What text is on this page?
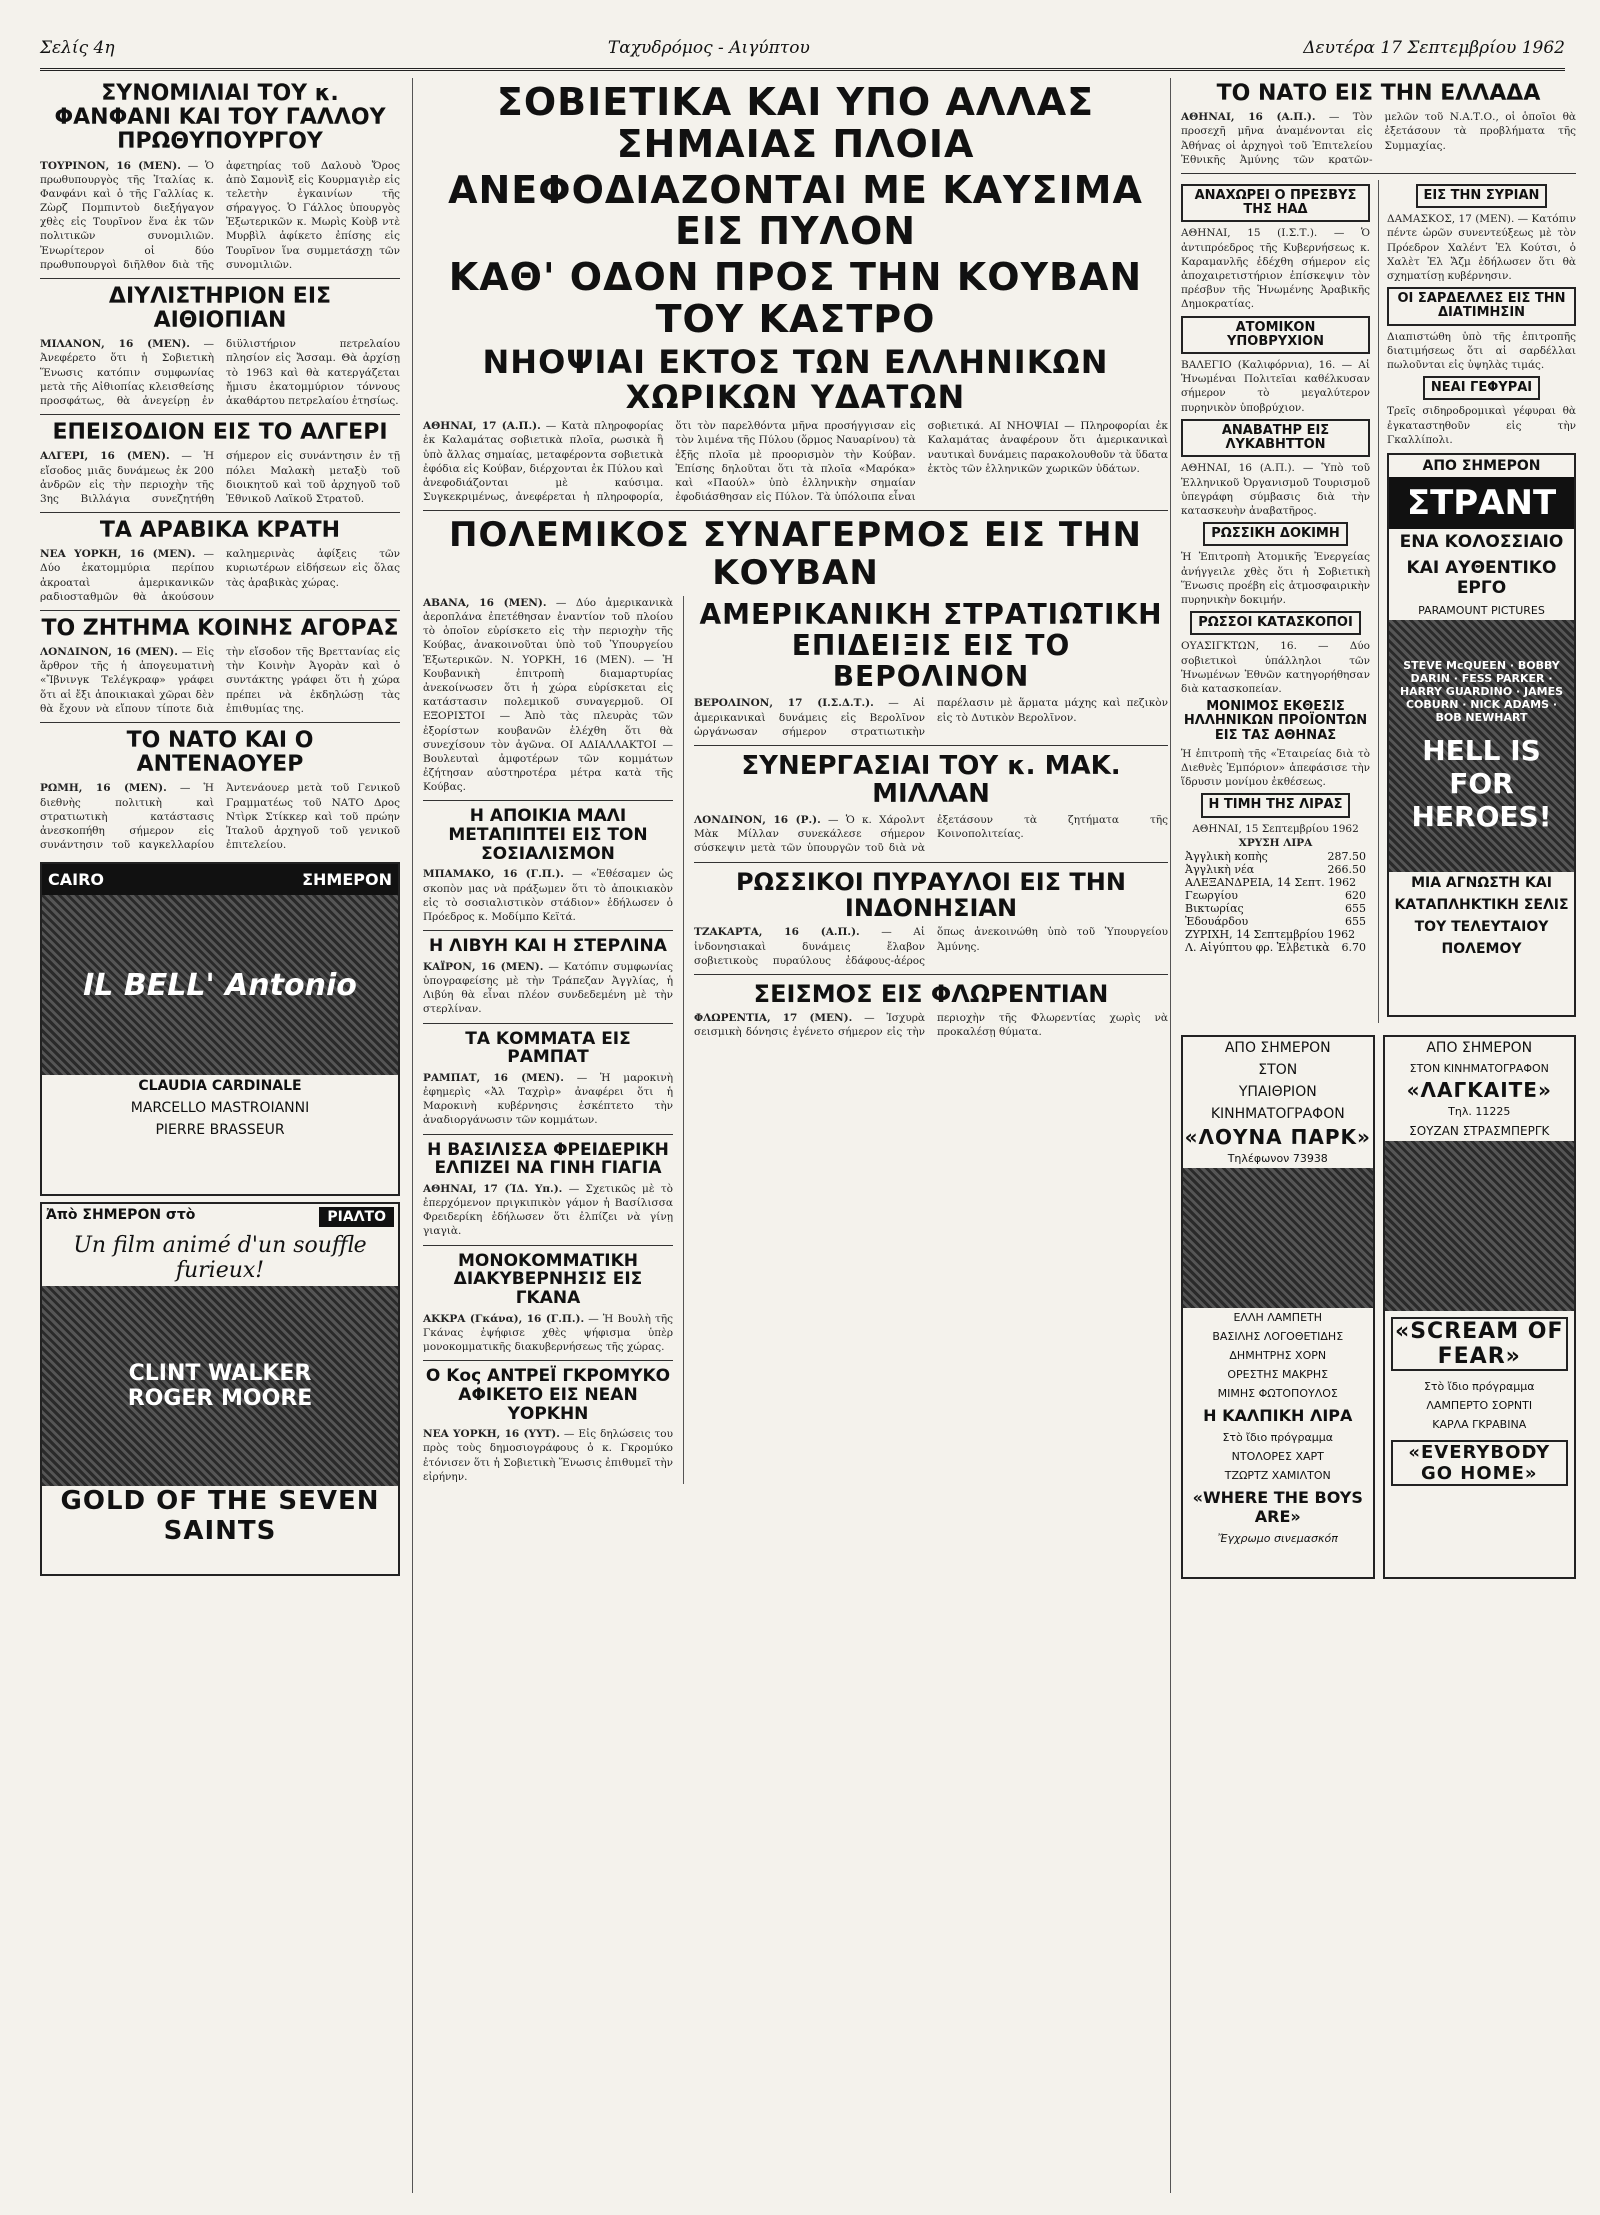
Σελίς 4η	Ταχυδρόμος - Αιγύπτου	Δευτέρα 17 Σεπτεμβρίου 1962
ΣΥΝΟΜΙΛΙΑΙ ΤΟΥ κ. ΦΑΝΦΑΝΙ ΚΑΙ ΤΟΥ ΓΑΛΛΟΥ ΠΡΩΘΥΠΟΥΡΓΟΥ
ΤΟΥΡΙΝΟΝ, 16 (ΜΕΝ). — Ὁ πρωθυπουργὸς τῆς Ἰταλίας κ. Φανφάνι καὶ ὁ τῆς Γαλλίας κ. Ζὼρζ Πομπιντοὺ διεξήγαγον χθὲς εἰς Τουρῖνον ἕνα ἐκ τῶν πολιτικῶν συνομιλιῶν. Ἐνωρίτερον οἱ δύο πρωθυπουργοὶ διῆλθον διὰ τῆς ἀφετηρίας τοῦ Δαλουὸ Ὄρος ἀπὸ Σαμονὶξ εἰς Κουρμαγιὲρ εἰς τελετὴν ἐγκαινίων τῆς σήραγγος. Ὁ Γάλλος ὑπουργὸς Ἐξωτερικῶν κ. Μωρὶς Κοὺβ ντὲ Μυρβὶλ ἀφίκετο ἐπίσης εἰς Τουρῖνον ἵνα συμμετάσχῃ τῶν συνομιλιῶν.
ΔΙΥΛΙΣΤΗΡΙΟΝ ΕΙΣ ΑΙΘΙΟΠΙΑΝ
ΜΙΛΑΝΟΝ, 16 (ΜΕΝ). — Ἀνεφέρετο ὅτι ἡ Σοβιετικὴ Ἕνωσις κατόπιν συμφωνίας μετὰ τῆς Αἰθιοπίας κλεισθείσης προσφάτως, θὰ ἀνεγείρῃ ἐν διϋλιστήριον πετρελαίου πλησίον εἰς Ἄσσαμ. Θὰ ἀρχίσῃ τὸ 1963 καὶ θὰ κατεργάζεται ἤμισυ ἑκατομμύριον τόννους ἀκαθάρτου πετρελαίου ἐτησίως.
ΕΠΕΙΣΟΔΙΟΝ ΕΙΣ ΤΟ ΑΛΓΕΡΙ
ΑΛΓΕΡΙ, 16 (ΜΕΝ). — Ἡ εἴσοδος μιᾶς δυνάμεως ἐκ 200 ἀνδρῶν εἰς τὴν περιοχὴν τῆς 3ης Βιλλάγια συνεζητήθη σήμερον εἰς συνάντησιν ἐν τῇ πόλει Μαλακὴ μεταξὺ τοῦ διοικητοῦ καὶ τοῦ ἀρχηγοῦ τοῦ Ἐθνικοῦ Λαϊκοῦ Στρατοῦ.
ΤΑ ΑΡΑΒΙΚΑ ΚΡΑΤΗ
ΝΕΑ ΥΟΡΚΗ, 16 (ΜΕΝ). — Δύο ἑκατομμύρια περίπου ἀκροαταὶ ἀμερικανικῶν ραδιοσταθμῶν θὰ ἀκούσουν καλημερινὰς ἀφίξεις τῶν κυριωτέρων εἰδήσεων εἰς ὅλας τὰς ἀραβικὰς χώρας.
ΤΟ ΖΗΤΗΜΑ ΚΟΙΝΗΣ ΑΓΟΡΑΣ
ΛΟΝΔΙΝΟΝ, 16 (ΜΕΝ). — Εἰς ἄρθρον τῆς ἡ ἀπογευματινὴ «Ἴβνινγκ Τελέγκραφ» γράφει ὅτι αἱ ἔξι ἀποικιακαὶ χῶραι δὲν θὰ ἔχουν νὰ εἴπουν τίποτε διὰ τὴν εἴσοδον τῆς Βρεττανίας εἰς τὴν Κοινὴν Ἀγορὰν καὶ ὁ συντάκτης γράφει ὅτι ἡ χώρα πρέπει νὰ ἐκδηλώσῃ τὰς ἐπιθυμίας της.
ΤΟ ΝΑΤΟ ΚΑΙ Ο ΑΝΤΕΝΑΟΥΕΡ
ΡΩΜΗ, 16 (ΜΕΝ). — Ἡ διεθνὴς πολιτικὴ καὶ στρατιωτικὴ κατάστασις ἀνεσκοπήθη σήμερον εἰς συνάντησιν τοῦ καγκελλαρίου Ἀντενάουερ μετὰ τοῦ Γενικοῦ Γραμματέως τοῦ ΝΑΤΟ Δρος Ντὶρκ Στίκκερ καὶ τοῦ πρώην Ἰταλοῦ ἀρχηγοῦ τοῦ γενικοῦ ἐπιτελείου.
CAIRO	ΣΗΜΕΡΟΝ
IL BELL' Antonio
CLAUDIA CARDINALE
MARCELLO MASTROIANNI
PIERRE BRASSEUR
Ἀπὸ ΣΗΜΕΡΟΝ στὸ	ΡΙΑΛΤΟ
Un film animé d'un souffle furieux!
CLINT WALKER
ROGER MOORE
GOLD OF THE SEVEN SAINTS
ΣΟΒΙΕΤΙΚΑ ΚΑΙ ΥΠΟ ΑΛΛΑΣ ΣΗΜΑΙΑΣ ΠΛΟΙΑ
ΑΝΕΦΟΔΙΑΖΟΝΤΑΙ ΜΕ ΚΑΥΣΙΜΑ ΕΙΣ ΠΥΛΟΝ
ΚΑΘ' ΟΔΟΝ ΠΡΟΣ ΤΗΝ ΚΟΥΒΑΝ ΤΟΥ ΚΑΣΤΡΟ
ΝΗΟΨΙΑΙ ΕΚΤΟΣ ΤΩΝ ΕΛΛΗΝΙΚΩΝ ΧΩΡΙΚΩΝ ΥΔΑΤΩΝ
ΑΘΗΝΑΙ, 17 (Α.Π.). — Κατὰ πληροφορίας ἐκ Καλαμάτας σοβιετικὰ πλοῖα, ρωσικὰ ἢ ὑπὸ ἄλλας σημαίας, μεταφέροντα σοβιετικὰ ἐφόδια εἰς Κούβαν, διέρχονται ἐκ Πύλου καὶ ἀνεφοδιάζονται μὲ καύσιμα. Συγκεκριμένως, ἀνεφέρεται ἡ πληροφορία, ὅτι τὸν παρελθόντα μῆνα προσήγγισαν εἰς τὸν λιμένα τῆς Πύλου (ὅρμος Ναυαρίνου) τὰ ἑξῆς πλοῖα μὲ προορισμὸν τὴν Κούβαν. Ἐπίσης δηλοῦται ὅτι τὰ πλοῖα «Μαρόκα» καὶ «Παούλ» ὑπὸ ἑλληνικὴν σημαίαν ἐφοδιάσθησαν εἰς Πύλον. Τὰ ὑπόλοιπα εἶναι σοβιετικά. ΑΙ ΝΗΟΨΙΑΙ — Πληροφορίαι ἐκ Καλαμάτας ἀναφέρουν ὅτι ἀμερικανικαὶ ναυτικαὶ δυνάμεις παρακολουθοῦν τὰ ὕδατα ἐκτὸς τῶν ἑλληνικῶν χωρικῶν ὑδάτων.
ΠΟΛΕΜΙΚΟΣ ΣΥΝΑΓΕΡΜΟΣ ΕΙΣ ΤΗΝ ΚΟΥΒΑΝ
ΑΒΑΝΑ, 16 (ΜΕΝ). — Δύο ἀμερικανικὰ ἀεροπλάνα ἐπετέθησαν ἐναντίον τοῦ πλοίου τὸ ὁποῖον εὑρίσκετο εἰς τὴν περιοχὴν τῆς Κούβας, ἀνακοινοῦται ὑπὸ τοῦ Ὑπουργείου Ἐξωτερικῶν. Ν. ΥΟΡΚΗ, 16 (ΜΕΝ). — Ἡ Κουβανικὴ ἐπιτροπὴ διαμαρτυρίας ἀνεκοίνωσεν ὅτι ἡ χώρα εὑρίσκεται εἰς κατάστασιν πολεμικοῦ συναγερμοῦ. ΟΙ ΕΞΟΡΙΣΤΟΙ — Ἀπὸ τὰς πλευρὰς τῶν ἐξορίστων κουβανῶν ἐλέχθη ὅτι θὰ συνεχίσουν τὸν ἀγῶνα. ΟΙ ΑΔΙΑΛΛΑΚΤΟΙ — Βουλευταὶ ἀμφοτέρων τῶν κομμάτων ἐζήτησαν αὐστηροτέρα μέτρα κατὰ τῆς Κούβας.
Η ΑΠΟΙΚΙΑ ΜΑΛΙ ΜΕΤΑΠΙΠΤΕΙ ΕΙΣ ΤΟΝ ΣΟΣΙΑΛΙΣΜΟΝ
ΜΠΑΜΑΚΟ, 16 (Γ.Π.). — «Ἐθέσαμεν ὡς σκοπὸν μας νὰ πράξωμεν ὅτι τὸ ἀποικιακὸν εἰς τὸ σοσιαλιστικὸν στάδιον» ἐδήλωσεν ὁ Πρόεδρος κ. Μοδίμπο Κεϊτά.
Η ΛΙΒΥΗ ΚΑΙ Η ΣΤΕΡΛΙΝΑ
ΚΑΪΡΟΝ, 16 (ΜΕΝ). — Κατόπιν συμφωνίας ὑπογραφείσης μὲ τὴν Τράπεζαν Ἀγγλίας, ἡ Λιβύη θὰ εἶναι πλέον συνδεδεμένη μὲ τὴν στερλίναν.
ΤΑ ΚΟΜΜΑΤΑ ΕΙΣ ΡΑΜΠΑΤ
ΡΑΜΠΑΤ, 16 (ΜΕΝ). — Ἡ μαροκινὴ ἐφημερὶς «Ἀλ Ταχρὶρ» ἀναφέρει ὅτι ἡ Μαροκινὴ κυβέρνησις ἐσκέπτετο τὴν ἀναδιοργάνωσιν τῶν κομμάτων.
Η ΒΑΣΙΛΙΣΣΑ ΦΡΕΙΔΕΡΙΚΗ ΕΛΠΙΖΕΙ ΝΑ ΓΙΝΗ ΓΙΑΓΙΑ
ΑΘΗΝΑΙ, 17 (ΊΔ. Υπ.). — Σχετικῶς μὲ τὸ ἐπερχόμενον πριγκιπικὸν γάμον ἡ Βασίλισσα Φρειδερίκη ἐδήλωσεν ὅτι ἐλπίζει νὰ γίνῃ γιαγιὰ.
ΜΟΝΟΚΟΜΜΑΤΙΚΗ ΔΙΑΚΥΒΕΡΝΗΣΙΣ ΕΙΣ ΓΚΑΝΑ
ΑΚΚΡΑ (Γκάνα), 16 (Γ.Π.). — Ἡ Βουλὴ τῆς Γκάνας ἐψήφισε χθὲς ψήφισμα ὑπὲρ μονοκομματικῆς διακυβερνήσεως τῆς χώρας.
Ο Κος ΑΝΤΡΕΪ ΓΚΡΟΜΥΚΟ ΑΦΙΚΕΤΟ ΕΙΣ ΝΕΑΝ ΥΟΡΚΗΝ
ΝΕΑ ΥΟΡΚΗ, 16 (ΥΥΤ). — Εἰς δηλώσεις του πρὸς τοὺς δημοσιογράφους ὁ κ. Γκρομύκο ἐτόνισεν ὅτι ἡ Σοβιετικὴ Ἕνωσις ἐπιθυμεῖ τὴν εἰρήνην.
ΑΜΕΡΙΚΑΝΙΚΗ ΣΤΡΑΤΙΩΤΙΚΗ ΕΠΙΔΕΙΞΙΣ ΕΙΣ ΤΟ ΒΕΡΟΛΙΝΟΝ
ΒΕΡΟΛΙΝΟΝ, 17 (Ι.Σ.Δ.Τ.). — Αἱ ἀμερικανικαὶ δυνάμεις εἰς Βερολῖνον ὠργάνωσαν σήμερον στρατιωτικὴν παρέλασιν μὲ ἅρματα μάχης καὶ πεζικὸν εἰς τὸ Δυτικὸν Βερολῖνον.
ΣΥΝΕΡΓΑΣΙΑΙ ΤΟΥ κ. ΜΑΚ. ΜΙΛΛΑΝ
ΛΟΝΔΙΝΟΝ, 16 (Ρ.). — Ὁ κ. Χάρολντ Μὰκ Μίλλαν συνεκάλεσε σήμερον σύσκεψιν μετὰ τῶν ὑπουργῶν τοῦ διὰ νὰ ἐξετάσουν τὰ ζητήματα τῆς Κοινοπολιτείας.
ΡΩΣΣΙΚΟΙ ΠΥΡΑΥΛΟΙ ΕΙΣ ΤΗΝ ΙΝΔΟΝΗΣΙΑΝ
ΤΖΑΚΑΡΤΑ, 16 (Α.Π.). — Αἱ ἰνδονησιακαὶ δυνάμεις ἔλαβον σοβιετικοὺς πυραύλους ἐδάφους-ἀέρος ὅπως ἀνεκοινώθη ὑπὸ τοῦ Ὑπουργείου Ἀμύνης.
ΣΕΙΣΜΟΣ ΕΙΣ ΦΛΩΡΕΝΤΙΑΝ
ΦΛΩΡΕΝΤΙΑ, 17 (ΜΕΝ). — Ἰσχυρὰ σεισμικὴ δόνησις ἐγένετο σήμερον εἰς τὴν περιοχὴν τῆς Φλωρεντίας χωρὶς νὰ προκαλέσῃ θύματα.
ΤΟ ΝΑΤΟ ΕΙΣ ΤΗΝ ΕΛΛΑΔΑ
ΑΘΗΝΑΙ, 16 (Α.Π.). — Τὸν προσεχῆ μῆνα ἀναμένονται εἰς Ἀθήνας οἱ ἀρχηγοὶ τοῦ Ἐπιτελείου Ἐθνικῆς Ἀμύνης τῶν κρατῶν-μελῶν τοῦ Ν.Α.Τ.Ο., οἱ ὁποῖοι θὰ ἐξετάσουν τὰ προβλήματα τῆς Συμμαχίας.
ΑΝΑΧΩΡΕΙ Ο ΠΡΕΣΒΥΣ ΤΗΣ ΗΑΔ
ΑΘΗΝΑΙ, 15 (Ι.Σ.Τ.). — Ὁ ἀντιπρόεδρος τῆς Κυβερνήσεως κ. Καραμανλῆς ἐδέχθη σήμερον εἰς ἀποχαιρετιστήριον ἐπίσκεψιν τὸν πρέσβυν τῆς Ἡνωμένης Ἀραβικῆς Δημοκρατίας.
ΑΤΟΜΙΚΟΝ ΥΠΟΒΡΥΧΙΟΝ
ΒΑΛΕΓΙΟ (Καλιφόρνια), 16. — Αἱ Ἡνωμέναι Πολιτεῖαι καθέλκυσαν σήμερον τὸ μεγαλύτερον πυρηνικὸν ὑποβρύχιον.
ΑΝΑΒΑΤΗΡ ΕΙΣ ΛΥΚΑΒΗΤΤΟΝ
ΑΘΗΝΑΙ, 16 (Α.Π.). — Ὑπὸ τοῦ Ἑλληνικοῦ Ὀργανισμοῦ Τουρισμοῦ ὑπεγράφη σύμβασις διὰ τὴν κατασκευὴν ἀναβατῆρος.
ΡΩΣΣΙΚΗ ΔΟΚΙΜΗ
Ἡ Ἐπιτροπὴ Ἀτομικῆς Ἐνεργείας ἀνήγγειλε χθὲς ὅτι ἡ Σοβιετικὴ Ἕνωσις προέβη εἰς ἀτμοσφαιρικὴν πυρηνικὴν δοκιμήν.
ΡΩΣΣΟΙ ΚΑΤΑΣΚΟΠΟΙ
ΟΥΑΣΙΓΚΤΩΝ, 16. — Δύο σοβιετικοὶ ὑπάλληλοι τῶν Ἡνωμένων Ἐθνῶν κατηγορήθησαν διὰ κατασκοπείαν.
ΜΟΝΙΜΟΣ ΕΚΘΕΣΙΣ ΗΛΛΗΝΙΚΩΝ ΠΡΟΪΟΝΤΩΝ ΕΙΣ ΤΑΣ ΑΘΗΝΑΣ
Ἡ ἐπιτροπὴ τῆς «Ἐταιρείας διὰ τὸ Διεθνὲς Ἐμπόριον» ἀπεφάσισε τὴν ἵδρυσιν μονίμου ἐκθέσεως.
Η ΤΙΜΗ ΤΗΣ ΛΙΡΑΣ
ΑΘΗΝΑΙ, 15 Σεπτεμβρίου 1962
ΧΡΥΣΗ ΛΙΡΑ
Ἀγγλικὴ κοπὴς	287.50
Ἀγγλικὴ νέα	266.50
ΑΛΕΞΑΝΔΡΕΙΑ, 14 Σεπτ. 1962
Γεωργίου	620
Βικτωρίας	655
Ἐδουάρδου	655
ΖΥΡΙΧΗ, 14 Σεπτεμβρίου 1962
Λ. Αἰγύπτου φρ. Ἑλβετικὰ 6.70
ΕΙΣ ΤΗΝ ΣΥΡΙΑΝ
ΔΑΜΑΣΚΟΣ, 17 (ΜΕΝ). — Κατόπιν πέντε ὡρῶν συνεντεύξεως μὲ τὸν Πρόεδρον Χαλέντ Ἐλ Κούτσι, ὁ Χαλὲτ Ἐλ Ἄζμ ἐδήλωσεν ὅτι θὰ σχηματίσῃ κυβέρνησιν.
ΟΙ ΣΑΡΔΕΛΛΕΣ ΕΙΣ ΤΗΝ ΔΙΑΤΙΜΗΣΙΝ
Διαπιστώθη ὑπὸ τῆς ἐπιτροπῆς διατιμήσεως ὅτι αἱ σαρδέλλαι πωλοῦνται εἰς ὑψηλὰς τιμάς.
ΝΕΑΙ ΓΕΦΥΡΑΙ
Τρεῖς σιδηροδρομικαὶ γέφυραι θὰ ἐγκαταστηθοῦν εἰς τὴν Γκαλλίπολι.
ΑΠΟ ΣΗΜΕΡΟΝ
ΣΤΡΑΝΤ
ΕΝΑ ΚΟΛΟΣΣΙΑΙΟ
ΚΑΙ ΑΥΘΕΝΤΙΚΟ ΕΡΓΟ
PARAMOUNT PICTURES
STEVE McQUEEN · BOBBY DARIN · FESS PARKER · HARRY GUARDINO · JAMES COBURN · NICK ADAMS · BOB NEWHART
HELL IS FOR HEROES!
ΜΙΑ ΑΓΝΩΣΤΗ ΚΑΙ
ΚΑΤΑΠΛΗΚΤΙΚΗ ΣΕΛΙΣ
ΤΟΥ ΤΕΛΕΥΤΑΙΟΥ
ΠΟΛΕΜΟΥ
ΑΠΟ ΣΗΜΕΡΟΝ
ΣΤΟΝ
ΥΠΑΙΘΡΙΟΝ
ΚΙΝΗΜΑΤΟΓΡΑΦΟΝ
«ΛΟΥΝΑ ΠΑΡΚ»
Τηλέφωνον 73938
ΕΛΛΗ ΛΑΜΠΕΤΗ
ΒΑΣΙΛΗΣ ΛΟΓΟΘΕΤΙΔΗΣ
ΔΗΜΗΤΡΗΣ ΧΟΡΝ
ΟΡΕΣΤΗΣ ΜΑΚΡΗΣ
ΜΙΜΗΣ ΦΩΤΟΠΟΥΛΟΣ
Η ΚΑΛΠΙΚΗ ΛΙΡΑ
Στὸ ἴδιο πρόγραμμα
ΝΤΟΛΟΡΕΣ ΧΑΡΤ
ΤΖΩΡΤΖ ΧΑΜΙΛΤΟΝ
«WHERE THE BOYS ARE»
Ἔγχρωμο σινεμασκόπ
ΑΠΟ ΣΗΜΕΡΟΝ
ΣΤΟΝ ΚΙΝΗΜΑΤΟΓΡΑΦΟΝ
«ΛΑΓΚΑΙΤΕ»
Τηλ. 11225
ΣΟΥΖΑΝ ΣΤΡΑΣΜΠΕΡΓΚ
«SCREAM OF FEAR»
Στὸ ἴδιο πρόγραμμα
ΛΑΜΠΕΡΤΟ ΣΟΡΝΤΙ
ΚΑΡΛΑ ΓΚΡΑΒΙΝΑ
«EVERYBODY GO HOME»
